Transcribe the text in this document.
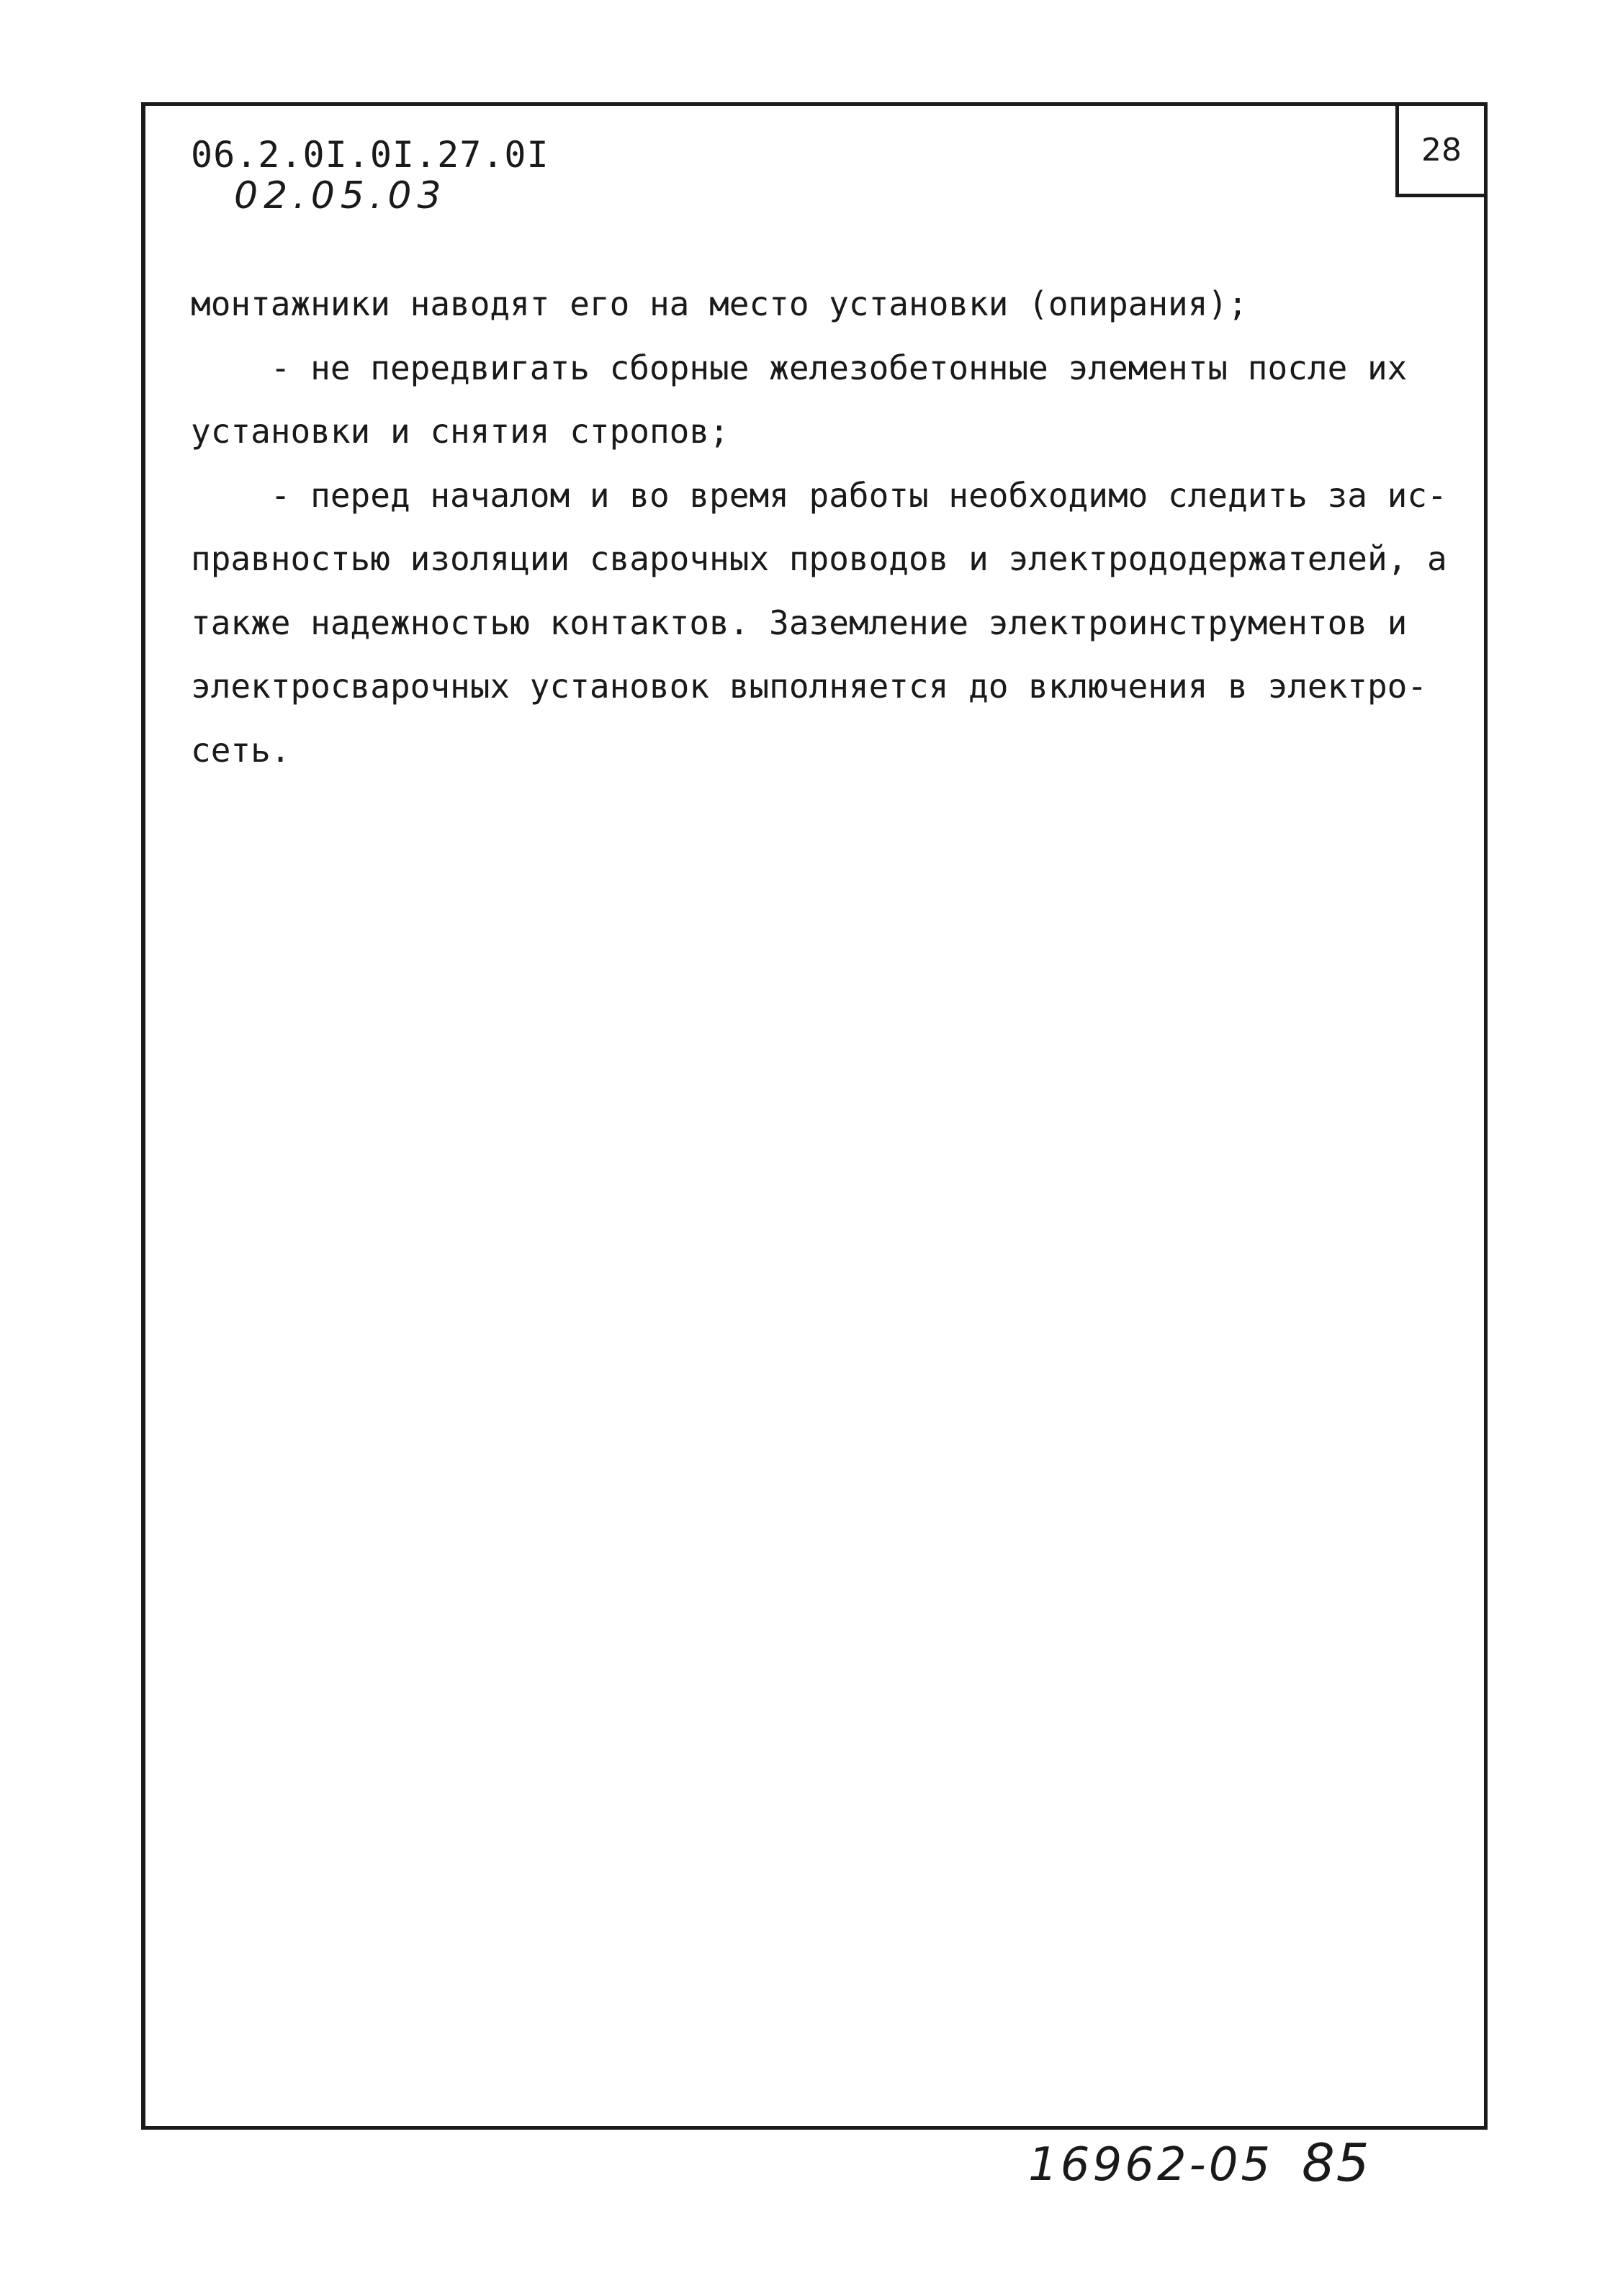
28
06.2.0I.0I.27.0I
02.05.03
монтажники наводят его на место установки (опирания);
- не передвигать сборные железобетонные элементы после их
установки и снятия стропов;
- перед началом и во время работы необходимо следить за ис-
правностью изоляции сварочных проводов и электрододержателей, а
также надежностью контактов. Заземление электроинструментов и
электросварочных установок выполняется до включения в электро-
сеть.
16962-05 85
